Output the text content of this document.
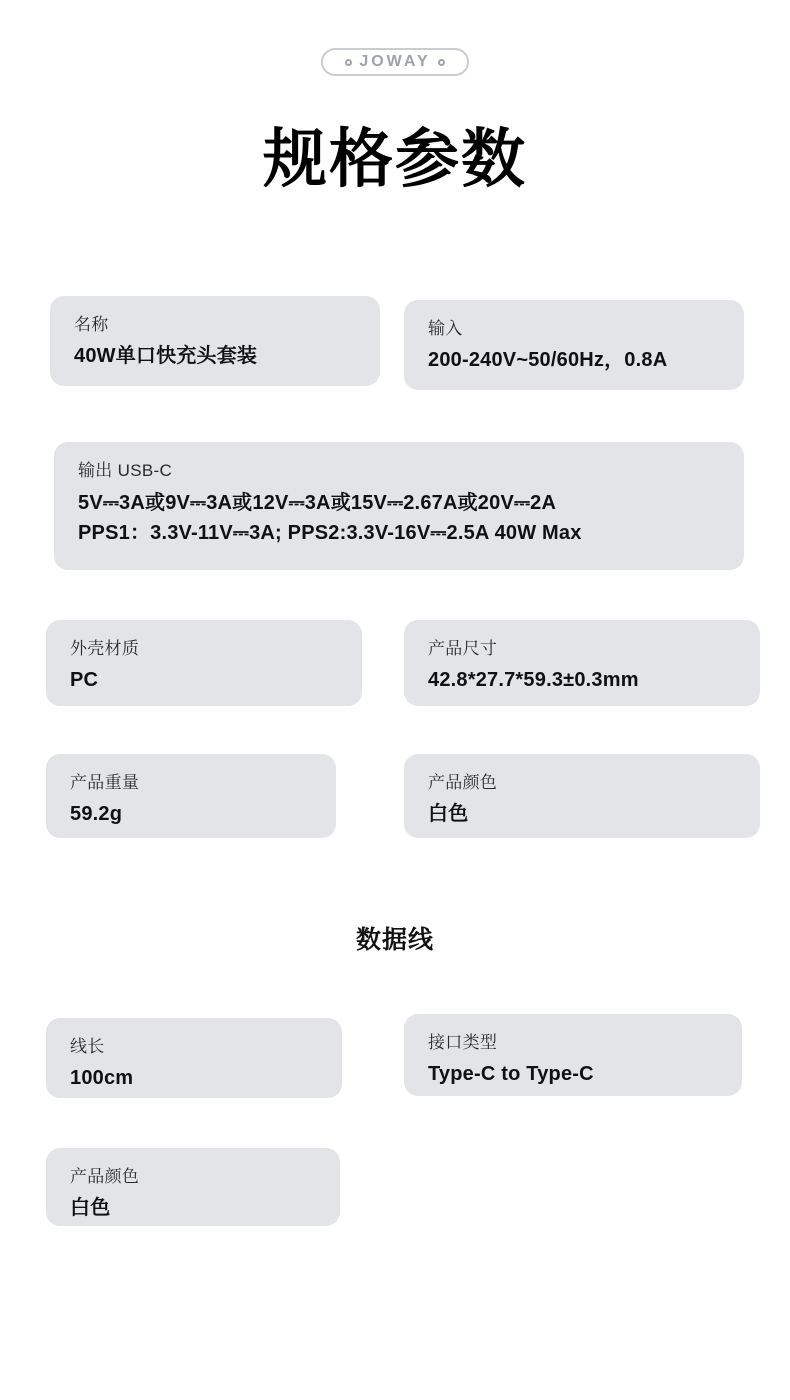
JOWAY
规格参数
名称
40W单口快充头套装
输入
200-240V~50/60Hz，0.8A
输出 USB-C
5V⎓3A或9V⎓3A或12V⎓3A或15V⎓2.67A或20V⎓2A
PPS1：3.3V-11V⎓3A; PPS2:3.3V-16V⎓2.5A 40W Max
外壳材质
PC
产品尺寸
42.8*27.7*59.3±0.3mm
产品重量
59.2g
产品颜色
白色
数据线
线长
100cm
接口类型
Type-C to Type-C
产品颜色
白色
